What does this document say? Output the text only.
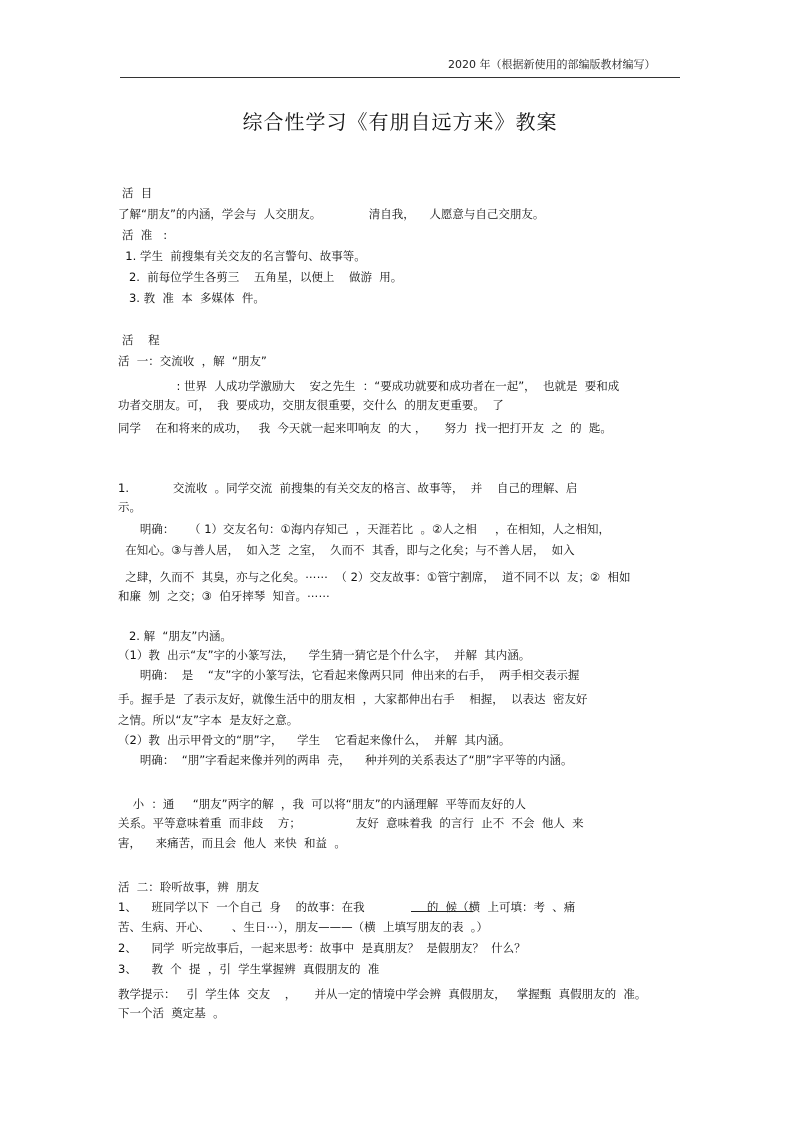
2020 年（根据新使用的部编版教材编写）
综合性学习《有朋自远方来》教案
活  目
了解“朋友”的内涵，学会与  人交朋友。             清自我，    人愿意与自己交朋友。
活  准   :
1. 学生  前搜集有关交友的名言警句、故事等。
2.  前每位学生各剪三    五角星，以便上    做游  用。
3. 教  准  本  多媒体  件。
活    程
活  一：交流收  ，解  “朋友”
: 世界  人成功学激励大    安之先生  ：“要成功就要和成功者在一起”，  也就是  要和成
功者交朋友。可，  我  要成功，交朋友很重要，交什么  的朋友更重要。  了
同学    在和将来的成功，   我  今天就一起来叩响友  的大 ，     努力  找一把打开友  之  的  匙。
1.            交流收  。同学交流  前搜集的有关交友的格言、故事等，  并    自己的理解、启
示。
明确：    （ 1）交友名句：①海内存知己  ，天涯若比  。②人之相     ，在相知，人之相知，
在知心。③与善人居，  如入芝  之室，  久而不  其香，即与之化矣；与不善人居，  如入
之肆，久而不  其臭，亦与之化矣。⋯⋯  （ 2）交友故事：①管宁割席，  道不同不以  友；②  相如
和廉  刎  之交；③  伯牙摔琴  知音。⋯⋯
2. 解  “朋友”内涵。
（1）教  出示“友”字的小篆写法，    学生猜一猜它是个什么字，  并解  其内涵。
明确：  是    “友”字的小篆写法，它看起来像两只同  伸出来的右手，  两手相交表示握
手。握手是  了表示友好，就像生活中的朋友相  ，大家都伸出右手    相握，  以表达  密友好
之情。所以“友”字本  是友好之意。
（2）教  出示甲骨文的“朋”字，    学生    它看起来像什么，  并解  其内涵。
明确：  “朋”字看起来像并列的两串  壳，    种并列的关系表达了“朋”字平等的内涵。
小  ：通     “朋友”两字的解  ，我  可以将“朋友”的内涵理解  平等而友好的人
关系。平等意味着重  而非歧    方；               友好  意味着我  的言行  止不  不会  他人  来
害，    来痛苦，而且会  他人  来快  和益  。
活  二：聆听故事，辨  朋友
1、    班同学以下  一个自己  身    的故事：在我                 的  候（横  上可填：考  、痛
苦、生病、开心、      、生日⋯），朋友———（横  上填写朋友的表  。）
2、    同学  听完故事后，一起来思考：故事中  是真朋友？  是假朋友？  什么？
3、    教  个  提  ，引  学生掌握辨  真假朋友的  准
教学提示：   引  学生体  交友    ，     并从一定的情境中学会辨  真假朋友，   掌握甄  真假朋友的  准。
下一个活  奠定基  。
